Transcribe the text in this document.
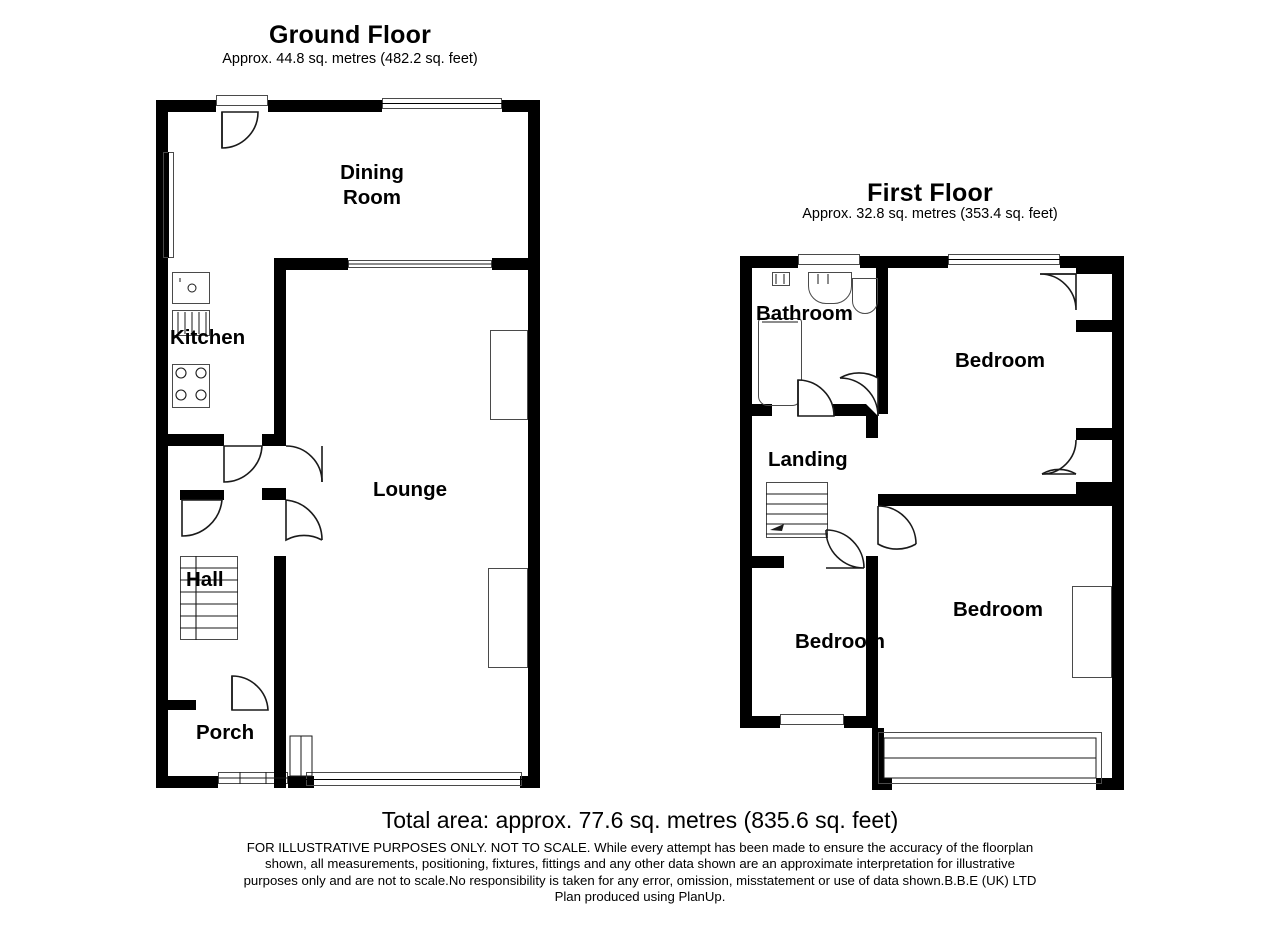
Ground Floor
Approx. 44.8 sq. metres (482.2 sq. feet)
First Floor
Approx. 32.8 sq. metres (353.4 sq. feet)
Dining
Room
Kitchen
Lounge
Hall
Porch
Bathroom
Bedroom
Landing
Bedroom
Bedroom
Total area: approx. 77.6 sq. metres (835.6 sq. feet)
FOR ILLUSTRATIVE PURPOSES ONLY. NOT TO SCALE. While every attempt has been made to ensure the accuracy of the floorplan shown, all measurements, positioning, fixtures, fittings and any other data shown are an approximate interpretation for illustrative purposes only and are not to scale.No responsibility is taken for any error, omission, misstatement or use of data shown.B.B.E (UK) LTD
Plan produced using PlanUp.
